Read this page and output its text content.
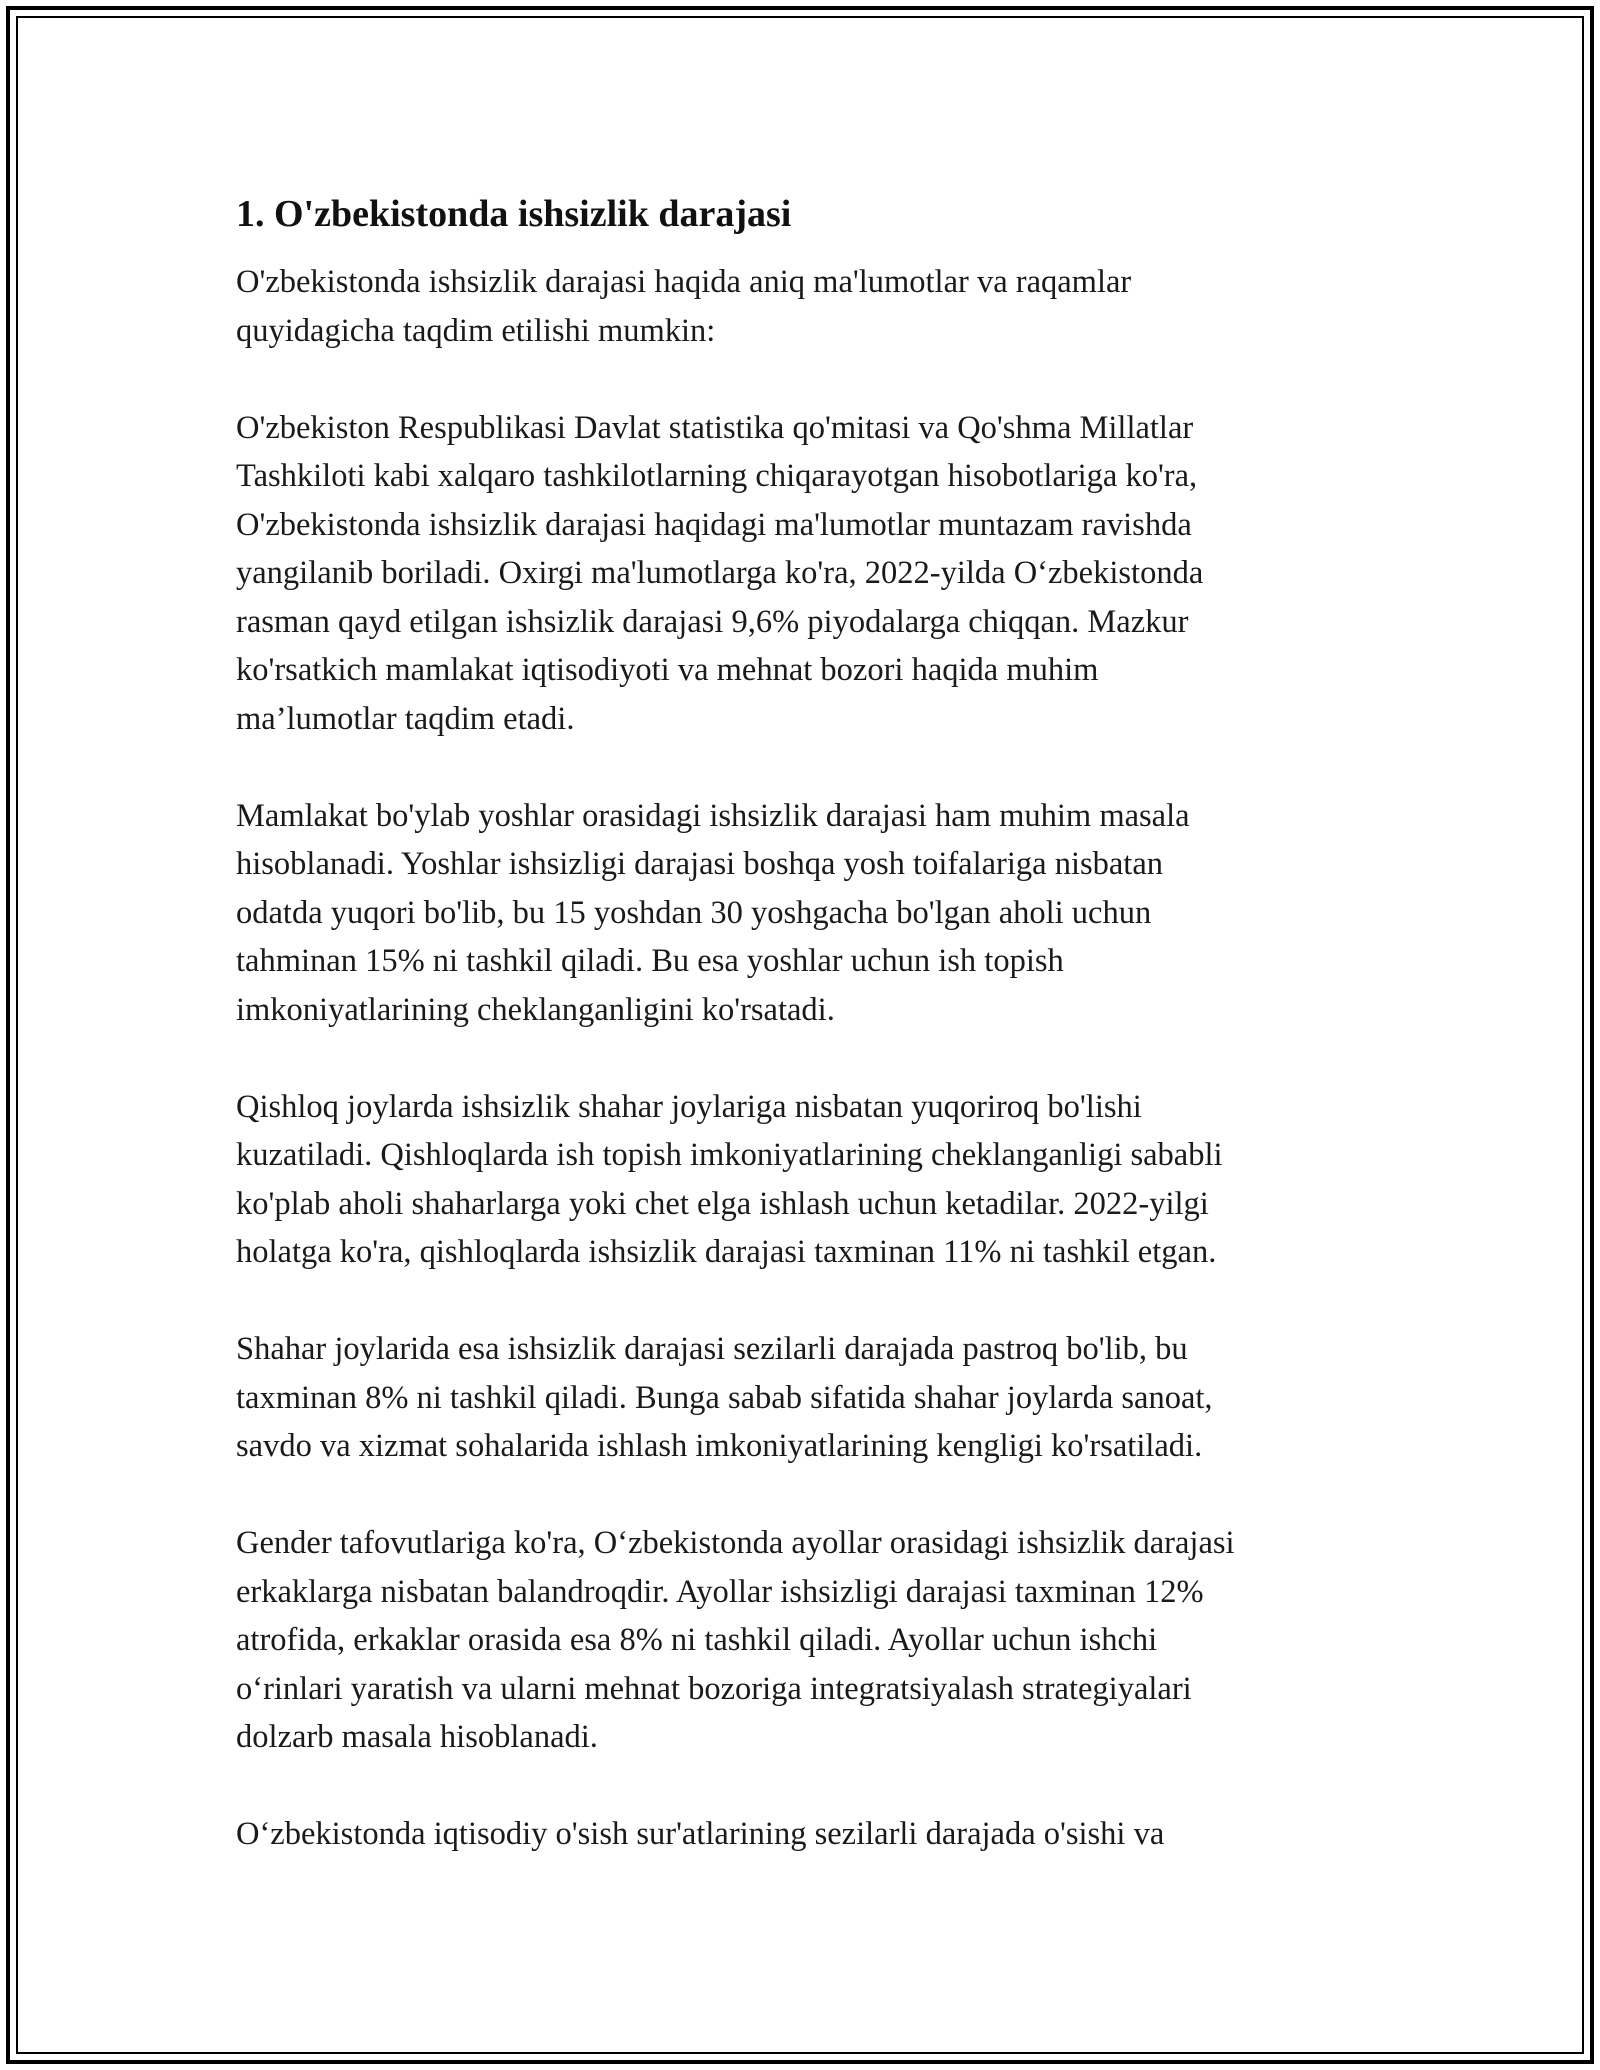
1. O'zbekistonda ishsizlik darajasi

O'zbekistonda ishsizlik darajasi haqida aniq ma'lumotlar va raqamlar
quyidagicha taqdim etilishi mumkin:

O'zbekiston Respublikasi Davlat statistika qo'mitasi va Qo'shma Millatlar
Tashkiloti kabi xalqaro tashkilotlarning chiqarayotgan hisobotlariga ko'ra,
O'zbekistonda ishsizlik darajasi haqidagi ma'lumotlar muntazam ravishda
yangilanib boriladi. Oxirgi ma'lumotlarga ko'ra, 2022-yilda O‘zbekistonda
rasman qayd etilgan ishsizlik darajasi 9,6% piyodalarga chiqqan. Mazkur
ko'rsatkich mamlakat iqtisodiyoti va mehnat bozori haqida muhim
ma’lumotlar taqdim etadi.

Mamlakat bo'ylab yoshlar orasidagi ishsizlik darajasi ham muhim masala
hisoblanadi. Yoshlar ishsizligi darajasi boshqa yosh toifalariga nisbatan
odatda yuqori bo'lib, bu 15 yoshdan 30 yoshgacha bo'lgan aholi uchun
tahminan 15% ni tashkil qiladi. Bu esa yoshlar uchun ish topish
imkoniyatlarining cheklanganligini ko'rsatadi.

Qishloq joylarda ishsizlik shahar joylariga nisbatan yuqoriroq bo'lishi
kuzatiladi. Qishloqlarda ish topish imkoniyatlarining cheklanganligi sababli
ko'plab aholi shaharlarga yoki chet elga ishlash uchun ketadilar. 2022-yilgi
holatga ko'ra, qishloqlarda ishsizlik darajasi taxminan 11% ni tashkil etgan.

Shahar joylarida esa ishsizlik darajasi sezilarli darajada pastroq bo'lib, bu
taxminan 8% ni tashkil qiladi. Bunga sabab sifatida shahar joylarda sanoat,
savdo va xizmat sohalarida ishlash imkoniyatlarining kengligi ko'rsatiladi.

Gender tafovutlariga ko'ra, O‘zbekistonda ayollar orasidagi ishsizlik darajasi
erkaklarga nisbatan balandroqdir. Ayollar ishsizligi darajasi taxminan 12%
atrofida, erkaklar orasida esa 8% ni tashkil qiladi. Ayollar uchun ishchi
o‘rinlari yaratish va ularni mehnat bozoriga integratsiyalash strategiyalari
dolzarb masala hisoblanadi.

O‘zbekistonda iqtisodiy o'sish sur'atlarining sezilarli darajada o'sishi va
